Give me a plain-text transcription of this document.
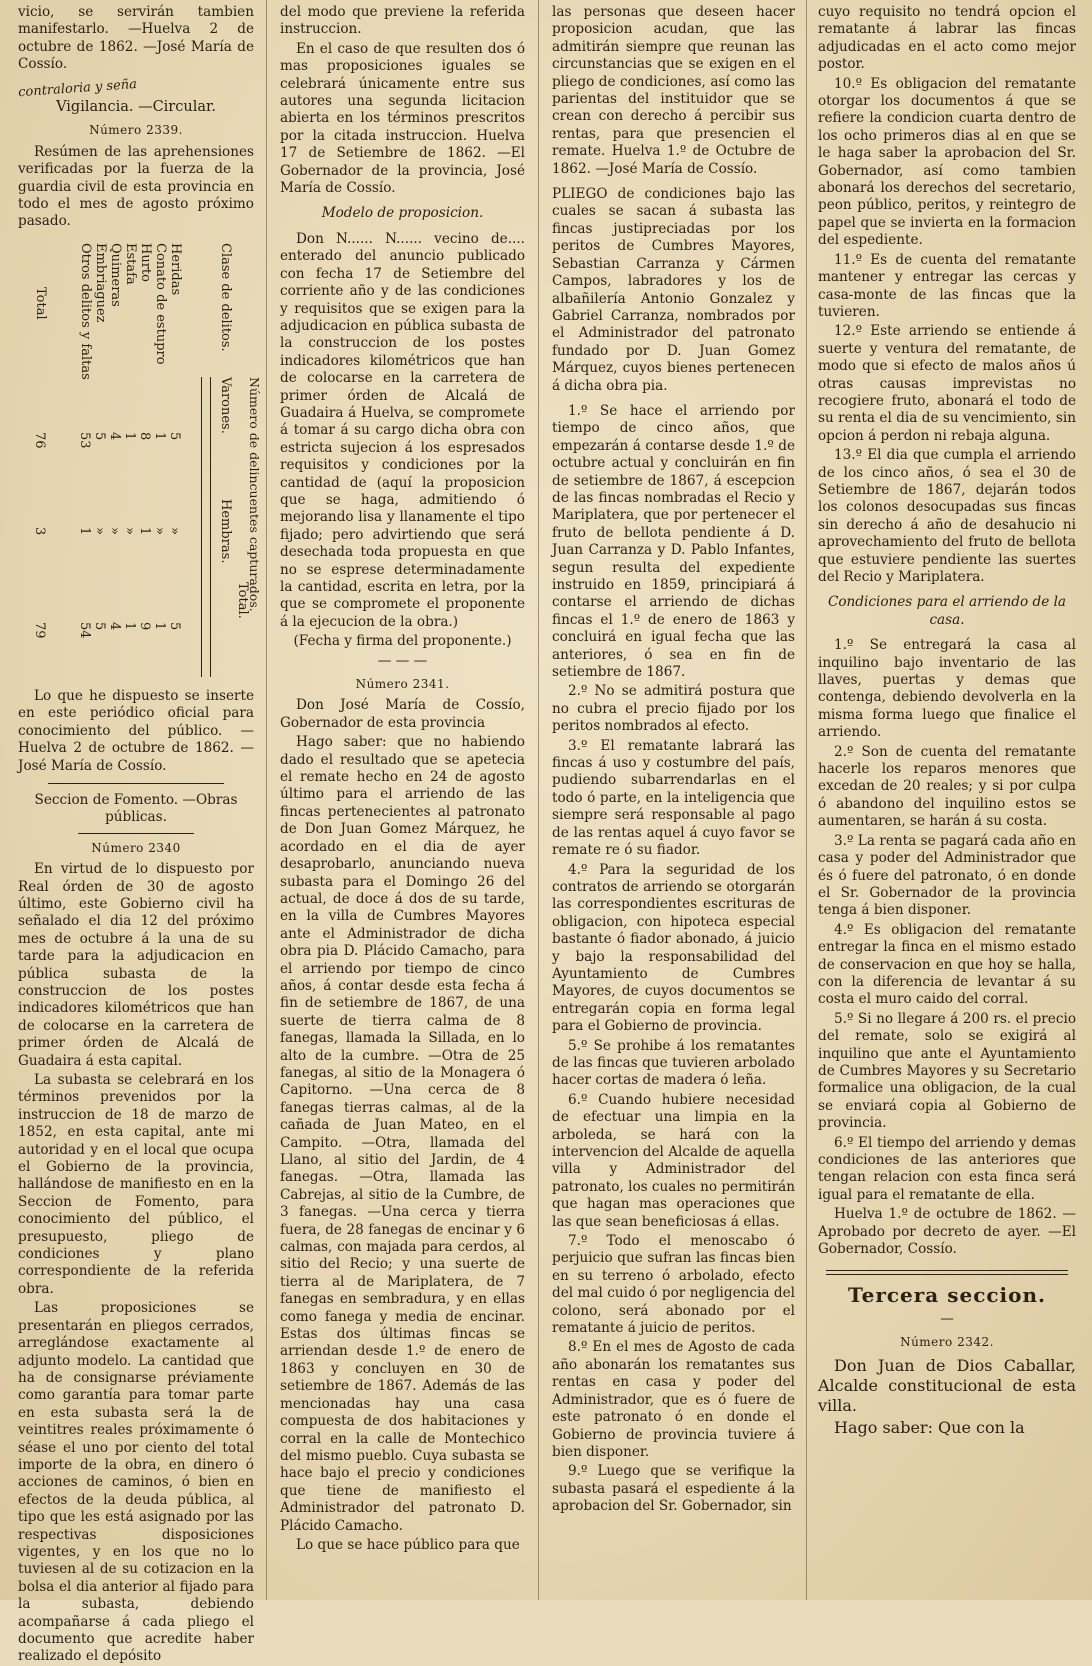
vicio, se servirán tambien manifestarlo. —Huelva 2 de octubre de 1862. —José María de Cossío.

contraloria y seña

Vigilancia. —Circular.

Número 2339.

Resúmen de las aprehensiones verificadas por la fuerza de la guardia civil de esta provincia en todo el mes de agosto próximo pasado.

Heridas
Conato de estupro
Hurto
Estafa
Quimeras
Embriaguez
Otros delitos y faltas
Total	Clase de delitos.
Número de delincuentes capturados.
Varones.
Hembras.
Total.
5
1
8
1
4
5
53
76
»
»
1
»
»
»
1
3
5
1
9
1
4
5
54
79

Lo que he dispuesto se inserte en este periódico oficial para conocimiento del público. —Huelva 2 de octubre de 1862. —José María de Cossío.

Seccion de Fomento. —Obras públicas.

Número 2340

En virtud de lo dispuesto por Real órden de 30 de agosto último, este Gobierno civil ha señalado el dia 12 del próximo mes de octubre á la una de su tarde para la adjudicacion en pública subasta de la construccion de los postes indicadores kilométricos que han de colocarse en la carretera de primer órden de Alcalá de Guadaira á esta capital.

La subasta se celebrará en los términos prevenidos por la instruccion de 18 de marzo de 1852, en esta capital, ante mi autoridad y en el local que ocupa el Gobierno de la provincia, hallándose de manifiesto en en la Seccion de Fomento, para conocimiento del público, el presupuesto, pliego de condiciones y plano correspondiente de la referida obra.

Las proposiciones se presentarán en pliegos cerrados, arreglándose exactamente al adjunto modelo. La cantidad que ha de consignarse préviamente como garantía para tomar parte en esta subasta será la de veintitres reales próximamente ó séase el uno por ciento del total importe de la obra, en dinero ó acciones de caminos, ó bien en efectos de la deuda pública, al tipo que les está asignado por las respectivas disposiciones vigentes, y en los que no lo tuviesen al de su cotizacion en la bolsa el dia anterior al fijado para la subasta, debiendo acompañarse á cada pliego el documento que acredite haber realizado el depósito

del modo que previene la referida instruccion.

En el caso de que resulten dos ó mas proposiciones iguales se celebrará únicamente entre sus autores una segunda licitacion abierta en los términos prescritos por la citada instruccion. Huelva 17 de Setiembre de 1862. —El Gobernador de la provincia, José María de Cossío.

Modelo de proposicion.

Don N...... N...... vecino de.... enterado del anuncio publicado con fecha 17 de Setiembre del corriente año y de las condiciones y requisitos que se exigen para la adjudicacion en pública subasta de la construccion de los postes indicadores kilométricos que han de colocarse en la carretera de primer órden de Alcalá de Guadaira á Huelva, se compromete á tomar á su cargo dicha obra con estricta sujecion á los espresados requisitos y condiciones por la cantidad de (aquí la proposicion que se haga, admitiendo ó mejorando lisa y llanamente el tipo fijado; pero advirtiendo que será desechada toda propuesta en que no se esprese determinadamente la cantidad, escrita en letra, por la que se compromete el proponente á la ejecucion de la obra.)

(Fecha y firma del proponente.)

— — —

Número 2341.

Don José María de Cossío, Gobernador de esta provincia

Hago saber: que no habiendo dado el resultado que se apetecia el remate hecho en 24 de agosto último para el arriendo de las fincas pertenecientes al patronato de Don Juan Gomez Márquez, he acordado en el dia de ayer desaprobarlo, anunciando nueva subasta para el Domingo 26 del actual, de doce á dos de su tarde, en la villa de Cumbres Mayores ante el Administrador de dicha obra pia D. Plácido Camacho, para el arriendo por tiempo de cinco años, á contar desde esta fecha á fin de setiembre de 1867, de una suerte de tierra calma de 8 fanegas, llamada la Sillada, en lo alto de la cumbre. —Otra de 25 fanegas, al sitio de la Monagera ó Capitorno. —Una cerca de 8 fanegas tierras calmas, al de la cañada de Juan Mateo, en el Campito. —Otra, llamada del Llano, al sitio del Jardin, de 4 fanegas. —Otra, llamada las Cabrejas, al sitio de la Cumbre, de 3 fanegas. —Una cerca y tierra fuera, de 28 fanegas de encinar y 6 calmas, con majada para cerdos, al sitio del Recio; y una suerte de tierra al de Mariplatera, de 7 fanegas en sembradura, y en ellas como fanega y media de encinar. Estas dos últimas fincas se arriendan desde 1.º de enero de 1863 y concluyen en 30 de setiembre de 1867. Además de las mencionadas hay una casa compuesta de dos habitaciones y corral en la calle de Montechico del mismo pueblo. Cuya subasta se hace bajo el precio y condiciones que tiene de manifiesto el Administrador del patronato D. Plácido Camacho.

Lo que se hace público para que

las personas que deseen hacer proposicion acudan, que las admitirán siempre que reunan las circunstancias que se exigen en el pliego de condiciones, así como las parientas del instituidor que se crean con derecho á percibir sus rentas, para que presencien el remate. Huelva 1.º de Octubre de 1862. —José María de Cossío.

PLIEGO de condiciones bajo las cuales se sacan á subasta las fincas justipreciadas por los peritos de Cumbres Mayores, Sebastian Carranza y Cármen Campos, labradores y los de albañilería Antonio Gonzalez y Gabriel Carranza, nombrados por el Administrador del patronato fundado por D. Juan Gomez Márquez, cuyos bienes pertenecen á dicha obra pia.

1.º Se hace el arriendo por tiempo de cinco años, que empezarán á contarse desde 1.º de octubre actual y concluirán en fin de setiembre de 1867, á escepcion de las fincas nombradas el Recio y Mariplatera, que por pertenecer el fruto de bellota pendiente á D. Juan Carranza y D. Pablo Infantes, segun resulta del expediente instruido en 1859, principiará á contarse el arriendo de dichas fincas el 1.º de enero de 1863 y concluirá en igual fecha que las anteriores, ó sea en fin de setiembre de 1867.

2.º No se admitirá postura que no cubra el precio fijado por los peritos nombrados al efecto.

3.º El rematante labrará las fincas á uso y costumbre del país, pudiendo subarrendarlas en el todo ó parte, en la inteligencia que siempre será responsable al pago de las rentas aquel á cuyo favor se remate re ó su fiador.

4.º Para la seguridad de los contratos de arriendo se otorgarán las correspondientes escrituras de obligacion, con hipoteca especial bastante ó fiador abonado, á juicio y bajo la responsabilidad del Ayuntamiento de Cumbres Mayores, de cuyos documentos se entregarán copia en forma legal para el Gobierno de provincia.

5.º Se prohibe á los rematantes de las fincas que tuvieren arbolado hacer cortas de madera ó leña.

6.º Cuando hubiere necesidad de efectuar una limpia en la arboleda, se hará con la intervencion del Alcalde de aquella villa y Administrador del patronato, los cuales no permitirán que hagan mas operaciones que las que sean beneficiosas á ellas.

7.º Todo el menoscabo ó perjuicio que sufran las fincas bien en su terreno ó arbolado, efecto del mal cuido ó por negligencia del colono, será abonado por el rematante á juicio de peritos.

8.º En el mes de Agosto de cada año abonarán los rematantes sus rentas en casa y poder del Administrador, que es ó fuere de este patronato ó en donde el Gobierno de provincia tuviere á bien disponer.

9.º Luego que se verifique la subasta pasará el espediente á la aprobacion del Sr. Gobernador, sin

cuyo requisito no tendrá opcion el rematante á labrar las fincas adjudicadas en el acto como mejor postor.

10.º Es obligacion del rematante otorgar los documentos á que se refiere la condicion cuarta dentro de los ocho primeros dias al en que se le haga saber la aprobacion del Sr. Gobernador, así como tambien abonará los derechos del secretario, peon público, peritos, y reintegro de papel que se invierta en la formacion del espediente.

11.º Es de cuenta del rematante mantener y entregar las cercas y casa-monte de las fincas que la tuvieren.

12.º Este arriendo se entiende á suerte y ventura del rematante, de modo que si efecto de malos años ú otras causas imprevistas no recogiere fruto, abonará el todo de su renta el dia de su vencimiento, sin opcion á perdon ni rebaja alguna.

13.º El dia que cumpla el arriendo de los cinco años, ó sea el 30 de Setiembre de 1867, dejarán todos los colonos desocupadas sus fincas sin derecho á año de desahucio ni aprovechamiento del fruto de bellota que estuviere pendiente las suertes del Recio y Mariplatera.

Condiciones para el arriendo de la casa.

1.º Se entregará la casa al inquilino bajo inventario de las llaves, puertas y demas que contenga, debiendo devolverla en la misma forma luego que finalice el arriendo.

2.º Son de cuenta del rematante hacerle los reparos menores que excedan de 20 reales; y si por culpa ó abandono del inquilino estos se aumentaren, se harán á su costa.

3.º La renta se pagará cada año en casa y poder del Administrador que és ó fuere del patronato, ó en donde el Sr. Gobernador de la provincia tenga á bien disponer.

4.º Es obligacion del rematante entregar la finca en el mismo estado de conservacion en que hoy se halla, con la diferencia de levantar á su costa el muro caido del corral.

5.º Si no llegare á 200 rs. el precio del remate, solo se exigirá al inquilino que ante el Ayuntamiento de Cumbres Mayores y su Secretario formalice una obligacion, de la cual se enviará copia al Gobierno de provincia.

6.º El tiempo del arriendo y demas condiciones de las anteriores que tengan relacion con esta finca será igual para el rematante de ella.

Huelva 1.º de octubre de 1862. —Aprobado por decreto de ayer. —El Gobernador, Cossío.

Tercera seccion.

—

Número 2342.

Don Juan de Dios Caballar, Alcalde constitucional de esta villa.

Hago saber: Que con la
